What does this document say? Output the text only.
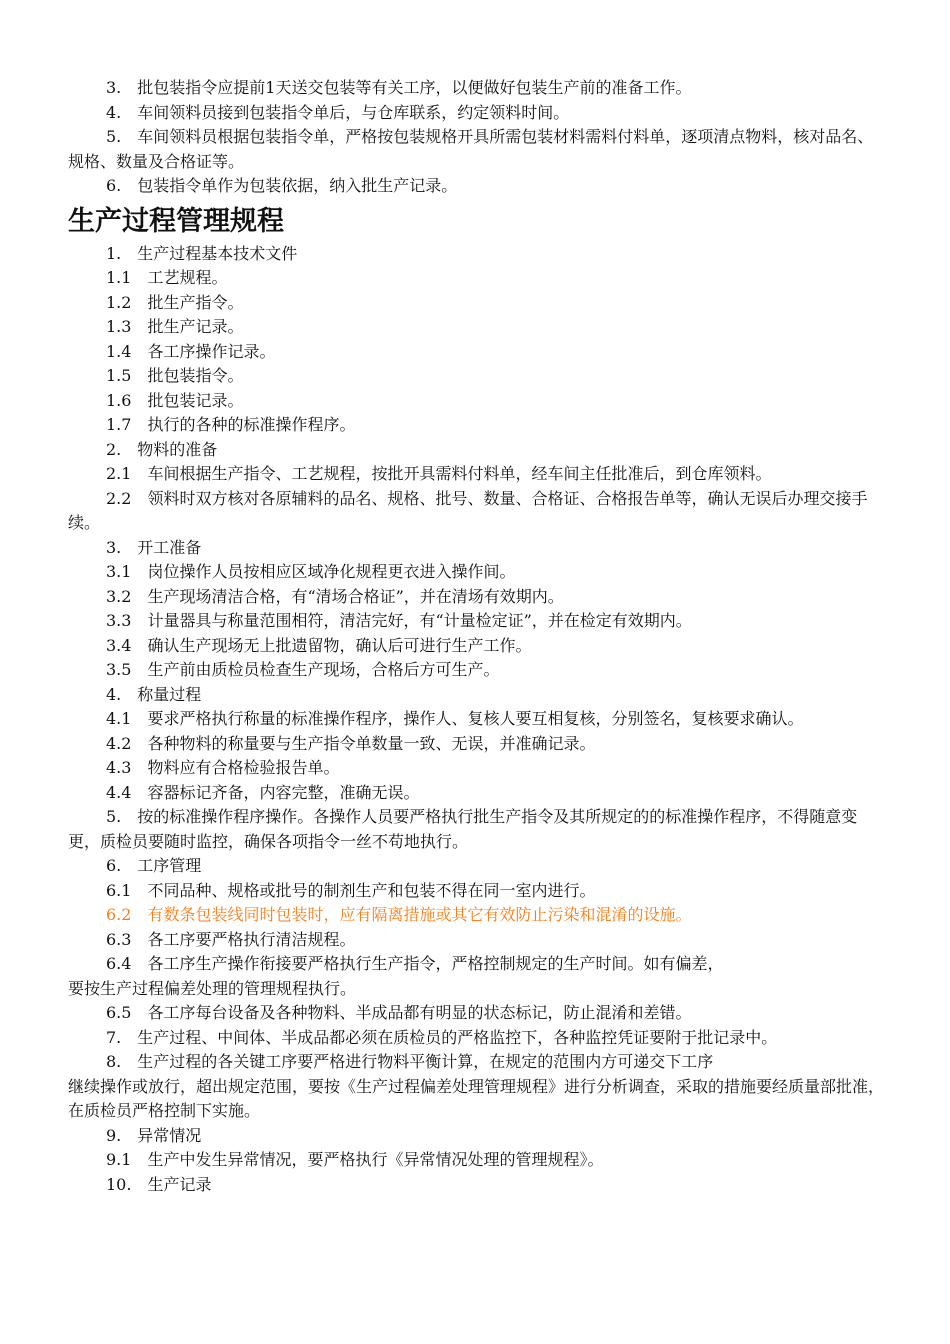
3.　批包装指令应提前1天送交包装等有关工序，以便做好包装生产前的准备工作。

4.　车间领料员接到包装指令单后，与仓库联系，约定领料时间。

5.　车间领料员根据包装指令单，严格按包装规格开具所需包装材料需料付料单，逐项清点物料，核对品名、规格、数量及合格证等。

6.　包装指令单作为包装依据，纳入批生产记录。

生产过程管理规程

1.　生产过程基本技术文件

1.1　工艺规程。

1.2　批生产指令。

1.3　批生产记录。

1.4　各工序操作记录。

1.5　批包装指令。

1.6　批包装记录。

1.7　执行的各种的标准操作程序。

2.　物料的准备

2.1　车间根据生产指令、工艺规程，按批开具需料付料单，经车间主任批准后，到仓库领料。

2.2　领料时双方核对各原辅料的品名、规格、批号、数量、合格证、合格报告单等，确认无误后办理交接手续。

3.　开工准备

3.1　岗位操作人员按相应区域净化规程更衣进入操作间。

3.2　生产现场清洁合格，有“清场合格证”，并在清场有效期内。

3.3　计量器具与称量范围相符，清洁完好，有“计量检定证”，并在检定有效期内。

3.4　确认生产现场无上批遗留物，确认后可进行生产工作。

3.5　生产前由质检员检查生产现场，合格后方可生产。

4.　称量过程

4.1　要求严格执行称量的标准操作程序，操作人、复核人要互相复核，分别签名，复核要求确认。

4.2　各种物料的称量要与生产指令单数量一致、无误，并准确记录。

4.3　物料应有合格检验报告单。

4.4　容器标记齐备，内容完整，准确无误。

5.　按的标准操作程序操作。各操作人员要严格执行批生产指令及其所规定的的标准操作程序，不得随意变更，质检员要随时监控，确保各项指令一丝不苟地执行。

6.　工序管理

6.1　不同品种、规格或批号的制剂生产和包装不得在同一室内进行。

6.2　有数条包装线同时包装时，应有隔离措施或其它有效防止污染和混淆的设施。

6.3　各工序要严格执行清洁规程。

6.4　各工序生产操作衔接要严格执行生产指令，严格控制规定的生产时间。如有偏差，

要按生产过程偏差处理的管理规程执行。

6.5　各工序每台设备及各种物料、半成品都有明显的状态标记，防止混淆和差错。

7.　生产过程、中间体、半成品都必须在质检员的严格监控下，各种监控凭证要附于批记录中。

8.　生产过程的各关键工序要严格进行物料平衡计算，在规定的范围内方可递交下工序

继续操作或放行，超出规定范围，要按《生产过程偏差处理管理规程》进行分析调查，采取的措施要经质量部批准，在质检员严格控制下实施。

9.　异常情况

9.1　生产中发生异常情况，要严格执行《异常情况处理的管理规程》。

10.　生产记录
